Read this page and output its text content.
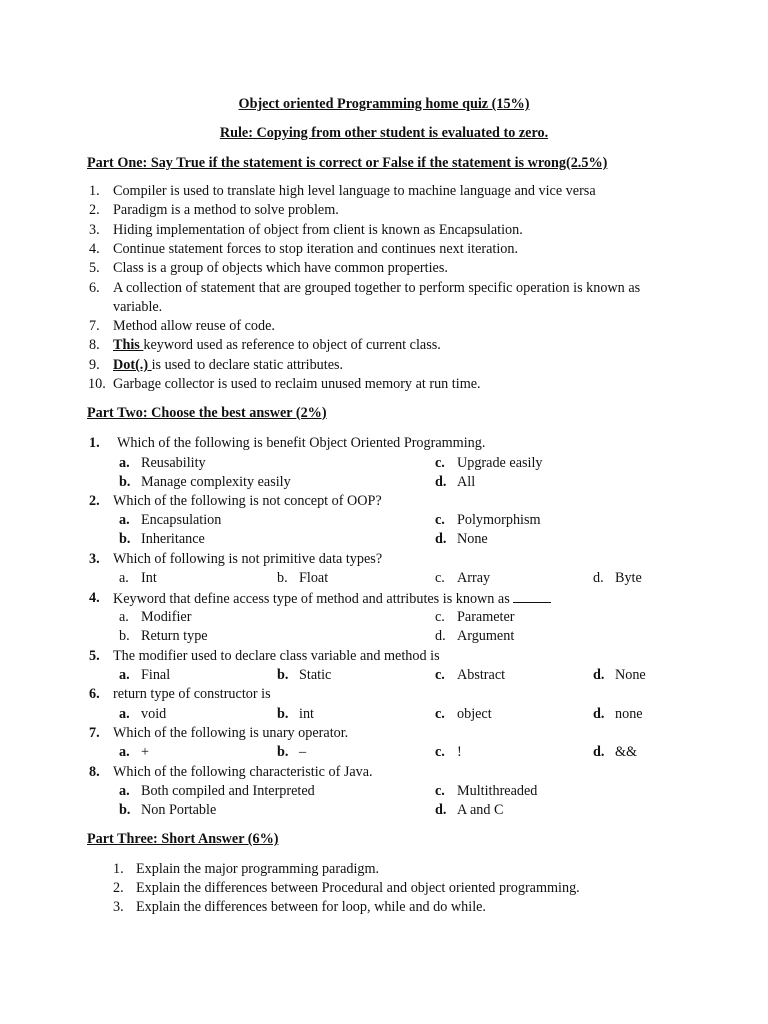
Object oriented Programming home quiz (15%)
Rule: Copying from other student is evaluated to zero.
Part One: Say True if the statement is correct or False if the statement is wrong(2.5%)
1. Compiler is used to translate high level language to machine language and vice versa
2. Paradigm is a method to solve problem.
3. Hiding implementation of object from client is known as Encapsulation.
4. Continue statement forces to stop iteration and continues next iteration.
5. Class is a group of objects which have common properties.
6. A collection of statement that are grouped together to perform specific operation is known as
variable.
7. Method allow reuse of code.
8. This keyword used as reference to object of current class.
9. Dot(.) is used to declare static attributes.
10. Garbage collector is used to reclaim unused memory at run time.
Part Two: Choose the best answer (2%)
1. Which of the following is benefit Object Oriented Programming.
a. Reusability
b. Manage complexity easily
c. Upgrade easily
d. All
2. Which of the following is not concept of OOP?
a. Encapsulation
b. Inheritance
c. Polymorphism
d. None
3. Which of following is not primitive data types?
a. Int	b. Float	c. Array	d. Byte
4. Keyword that define access type of method and attributes is known as
a. Modifier
b. Return type
c. Parameter
d. Argument
5. The modifier used to declare class variable and method is
a. Final	b. Static	c. Abstract	d. None
6. return type of constructor is
a. void	b. int	c. object	d. none
7. Which of the following is unary operator.
a. +	b. –	c. !	d. &&
8. Which of the following characteristic of Java.
a. Both compiled and Interpreted
b. Non Portable
c. Multithreaded
d. A and C
Part Three: Short Answer (6%)
1. Explain the major programming paradigm.
2. Explain the differences between Procedural and object oriented programming.
3. Explain the differences between for loop, while and do while.
